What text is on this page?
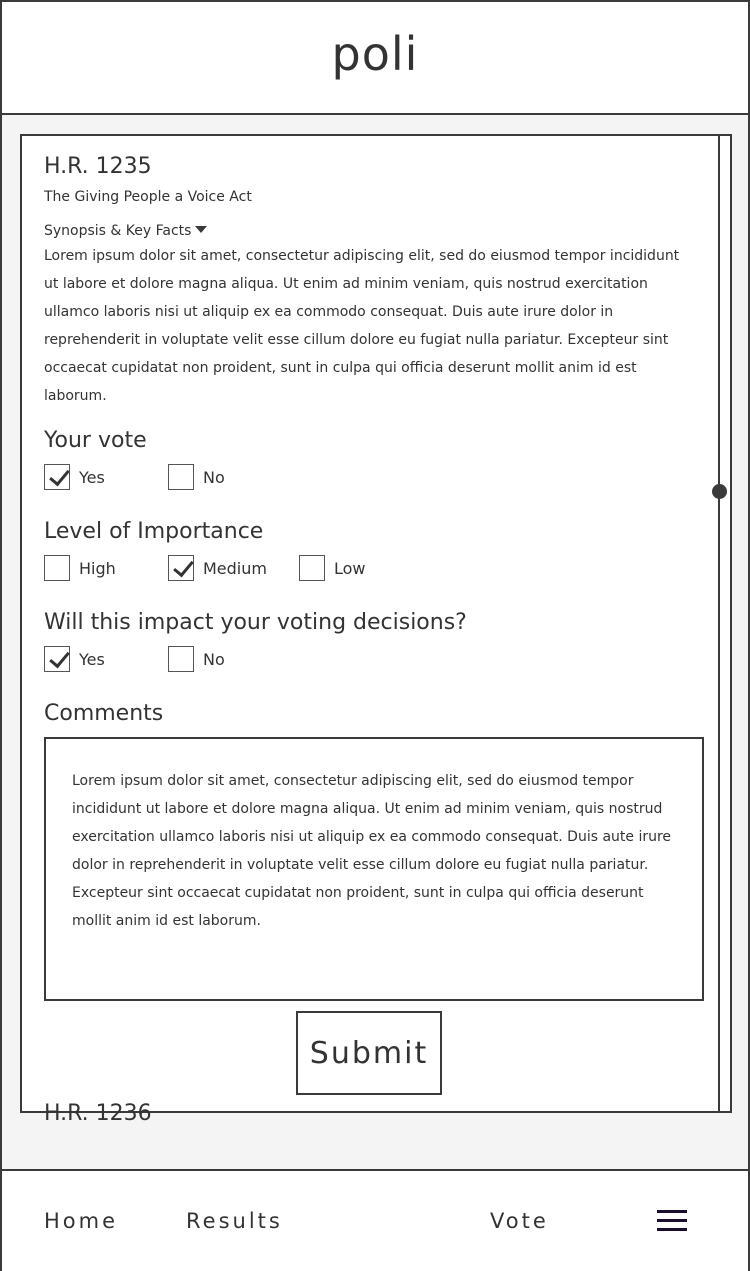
poli
H.R. 1235
The Giving People a Voice Act
Synopsis & Key Facts
Lorem ipsum dolor sit amet, consectetur adipiscing elit, sed do eiusmod tempor incididunt ut labore et dolore magna aliqua. Ut enim ad minim veniam, quis nostrud exercitation ullamco laboris nisi ut aliquip ex ea commodo consequat. Duis aute irure dolor in reprehenderit in voluptate velit esse cillum dolore eu fugiat nulla pariatur. Excepteur sint occaecat cupidatat non proident, sunt in culpa qui officia deserunt mollit anim id est laborum.
Your vote
Yes	No
Level of Importance
High	Medium	Low
Will this impact your voting decisions?
Yes	No
Comments
Lorem ipsum dolor sit amet, consectetur adipiscing elit, sed do eiusmod tempor incididunt ut labore et dolore magna aliqua. Ut enim ad minim veniam, quis nostrud exercitation ullamco laboris nisi ut aliquip ex ea commodo consequat. Duis aute irure dolor in reprehenderit in voluptate velit esse cillum dolore eu fugiat nulla pariatur. Excepteur sint occaecat cupidatat non proident, sunt in culpa qui officia deserunt mollit anim id est laborum.
Submit
H.R. 1236
Home	Results	Vote
